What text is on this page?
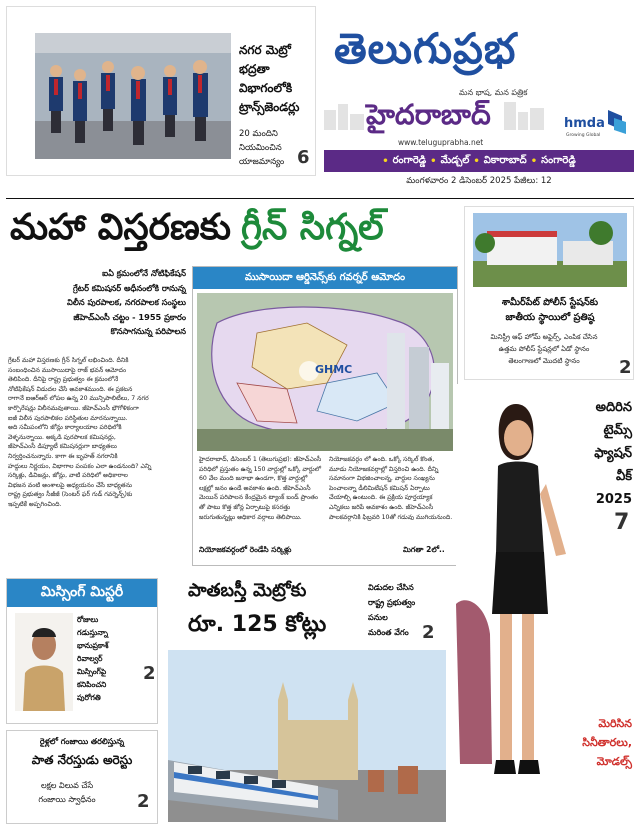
నగర మెట్రో
భద్రతా
విభాగంలోకి
ట్రాన్స్‌జెండర్లు
20 మందిని
నియమించిన
యాజమాన్యం 6
తెలుగుప్రభ
మన భాష, మన పత్రిక
హైదరాబాద్
www.teluguprabha.net
hmda
Growing Global
• రంగారెడ్డి • మేడ్చల్ • వికారాబాద్ • సంగారెడ్డి
మంగళవారం 2 డిసెంబర్ 2025 పేజీలు: 12
మహా విస్తరణకు గ్రీన్ సిగ్నల్
ఐఏ క్రమంలోనే నోటిఫికేషన్
గ్రేటర్ కమిషనర్ అధీనంలోకి రానున్న
విలీన పురపాలక, నగరపాలక సంస్థలు
జీహెచ్ఎంసీ చట్టం - 1955 ప్రకారం
కొనసాగనున్న పరిపాలన
గ్రేటర్ మహా విస్తరణకు గ్రీన్ సిగ్నల్ లభించింది. దీనికి
సంబంధించిన ముసాయిదాపై రాజ్ భవన్ ఆమోదం
తెలిపింది. దీనిపై రాష్ట్ర ప్రభుత్వం ఈ క్రమంలోనే
నోటిఫికేషన్ విడుదల చేసే అవకాశముంది. ఈ ప్రకటన
రాగానే ఐఆర్ఆర్ లోపల ఉన్న 20 మున్సిపాలిటీలు, 7 నగర
కార్పొరేషన్లు విలీనమవుతాయి. జీహెచ్ఎంసీ భౌగోళికంగా
ఐజీ విలీన పురపాలికల పరిస్థితుల మారనున్నాయి.
అది సమీపంలోని జోన్లు కార్యాలయాల పరిధిలోకి
వెళ్ళనున్నాయి. అక్కడి పురపాలక కమిషనర్లు,
జీహెచ్ఎంసీ డిప్యూటీ కమిషనర్లుగా బాధ్యతలు
నిర్వర్తించనున్నారు. కాగా ఈ బృహత్ నగరానికి
హద్దులు నిర్ణయం, విభాగాల పంపకం ఎలా ఉండనుంది? ఎన్ని
సర్కిళ్లు, డివిజన్లు, జోన్లు, వాటి పరిధిలో అధికారాల
విభజన వంటి అంశాలపై అధ్యయనం చేసే బాధ్యతను
రాష్ట్ర ప్రభుత్వం సీజీజీ (సెంటర్ ఫర్ గుడ్ గవర్నెన్స్)కు
ఇప్పటికే అప్పగించింది.
ముసాయిదా ఆర్డినెన్స్‌కు గవర్నర్ ఆమోదం
GHMC
హైదరాబాద్, డిసెంబర్ 1 (తెలుగుప్రభ): జీహెచ్ఎంసీ పరిధిలో ప్రస్తుతం ఉన్న 150 వార్డుల్లో ఒక్కో వార్డులో 60 వేల మంది జనాభా ఉండగా, కొత్త వార్డుల్లో లక్షల్లో జనం ఉండే అవకాశం ఉంది. జీహెచ్ఎంసీ మెయిన్ పరిపాలన కేంద్రమైన ట్యాంక్ బండ్ ప్రాంతం తో పాటు కొత్త జోన్ల ఏర్పాటుపై కసరత్తు జరుగుతున్నట్లు అధికార వర్గాలు తెలిపాయి.
నియోజకవర్గం లో ఉంది. ఒక్కో సర్కిల్ కొంత, మూడు నియోజకవర్గాల్లో విస్తరించి ఉంది. దీన్ని సమానంగా విభజించాలన్న, వార్డుల సంఖ్యను పెంచాలన్నా డీలిమిటేషన్ కమిషన్ ఏర్పాటు చేయాల్సి ఉంటుంది. ఈ ప్రక్రియ పూర్తయ్యాక ఎన్నికలు జరిపే అవకాశం ఉంది. జీహెచ్ఎంసీ పాలకవర్గానికి ఫిబ్రవరి 10తో గడువు ముగియనుంది.
నియోజకవర్గంలో రెండేసి సర్కిళ్లు	మిగతా 2లో..
శామీర్‌పేట్ పోలీస్ స్టేషన్‌కు
జాతీయ స్థాయిలో ప్రతిష్ఠ
మినిస్ట్రీ ఆఫ్ హోమ్ అఫైర్స్, ఎంపిక చేసిన
ఉత్తమ పోలీస్ స్టేషన్లలో ఏడో స్థానం
తెలంగాణలో మొదటి స్థానం	2
అదిరిన
టైమ్స్
ఫ్యాషన్
వీక్
2025
7
మెరిసిన
సినీతారలు,
మోడల్స్
మిస్సింగ్ మిస్టరీ
రోజులు
గడుస్తున్నా
భానుప్రకాశ్
రివాల్వర్
మిస్సింగ్‌పై
కనిపించని
పురోగతి
2
పాతబస్తీ మెట్రోకు
రూ. 125 కోట్లు
విడుదల చేసిన
రాష్ట్ర ప్రభుత్వం
పనుల
మరింత వేగం 2
రైళ్లలో గంజాయి తరలిస్తున్న
పాత నేరస్తుడు అరెస్టు
లక్షల విలువ చేసే
గంజాయి స్వాధీనం	2
